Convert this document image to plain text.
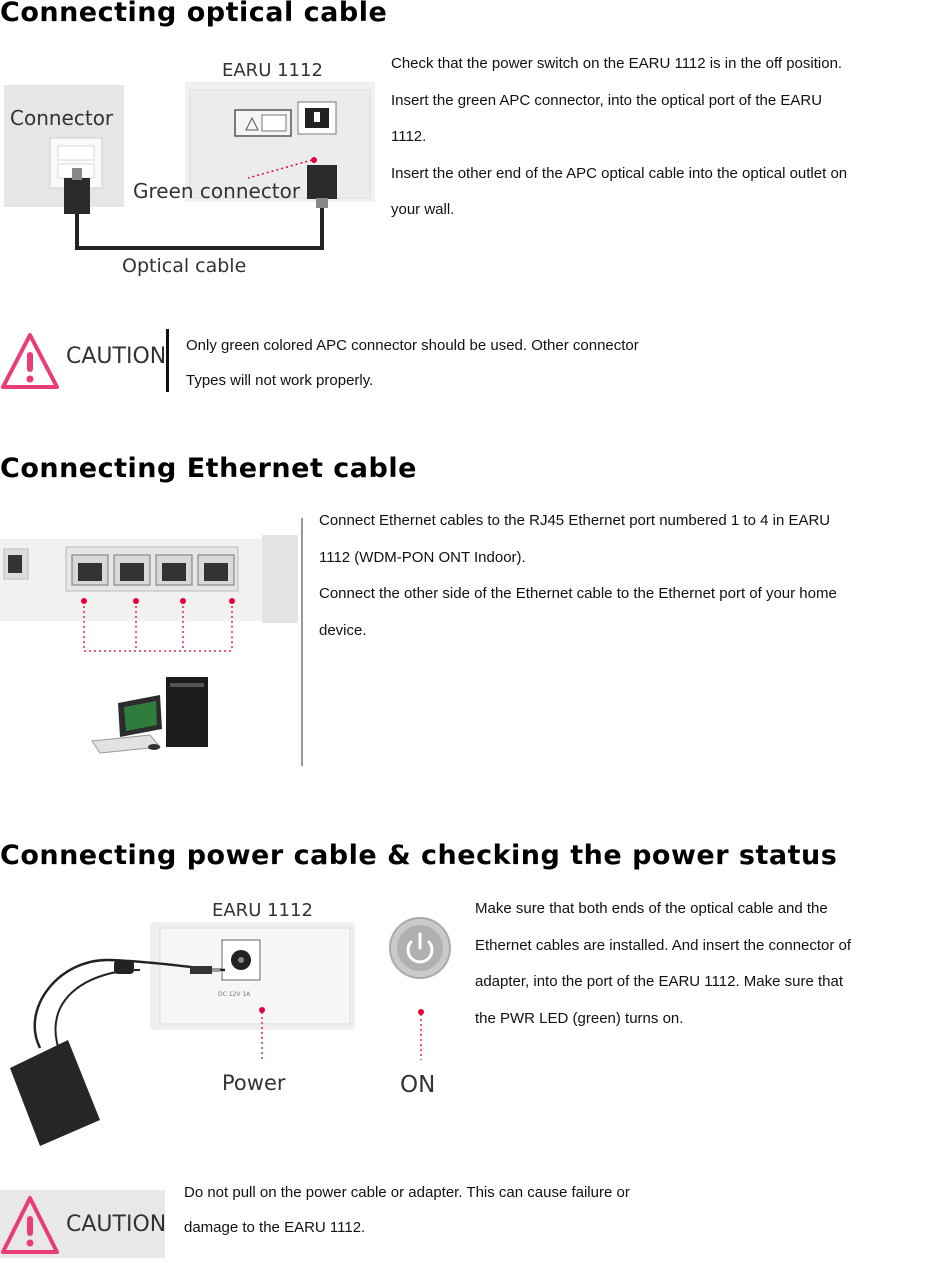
Connecting optical cable
EARU 1112
Connector
Green connector
Optical cable

Check that the power switch on the EARU 1112 is in the off position.

Insert the green APC connector, into the optical port of the EARU

1112.

Insert the other end of the APC optical cable into the optical outlet on

your wall.

CAUTION Only green colored APC connector should be used. Other connector

Types will not work properly.

Connecting Ethernet cable

Connect Ethernet cables to the RJ45 Ethernet port numbered 1 to 4 in EARU

1112 (WDM-PON ONT Indoor).

Connect the other side of the Ethernet cable to the Ethernet port of your home

device.

Connecting power cable & checking the power status
DC 12V 1A
EARU 1112
Power	ON

Make sure that both ends of the optical cable and the

Ethernet cables are installed. And insert the connector of

adapter, into the port of the EARU 1112. Make sure that

the PWR LED (green) turns on.

CAUTION

Do not pull on the power cable or adapter. This can cause failure or

damage to the EARU 1112.
